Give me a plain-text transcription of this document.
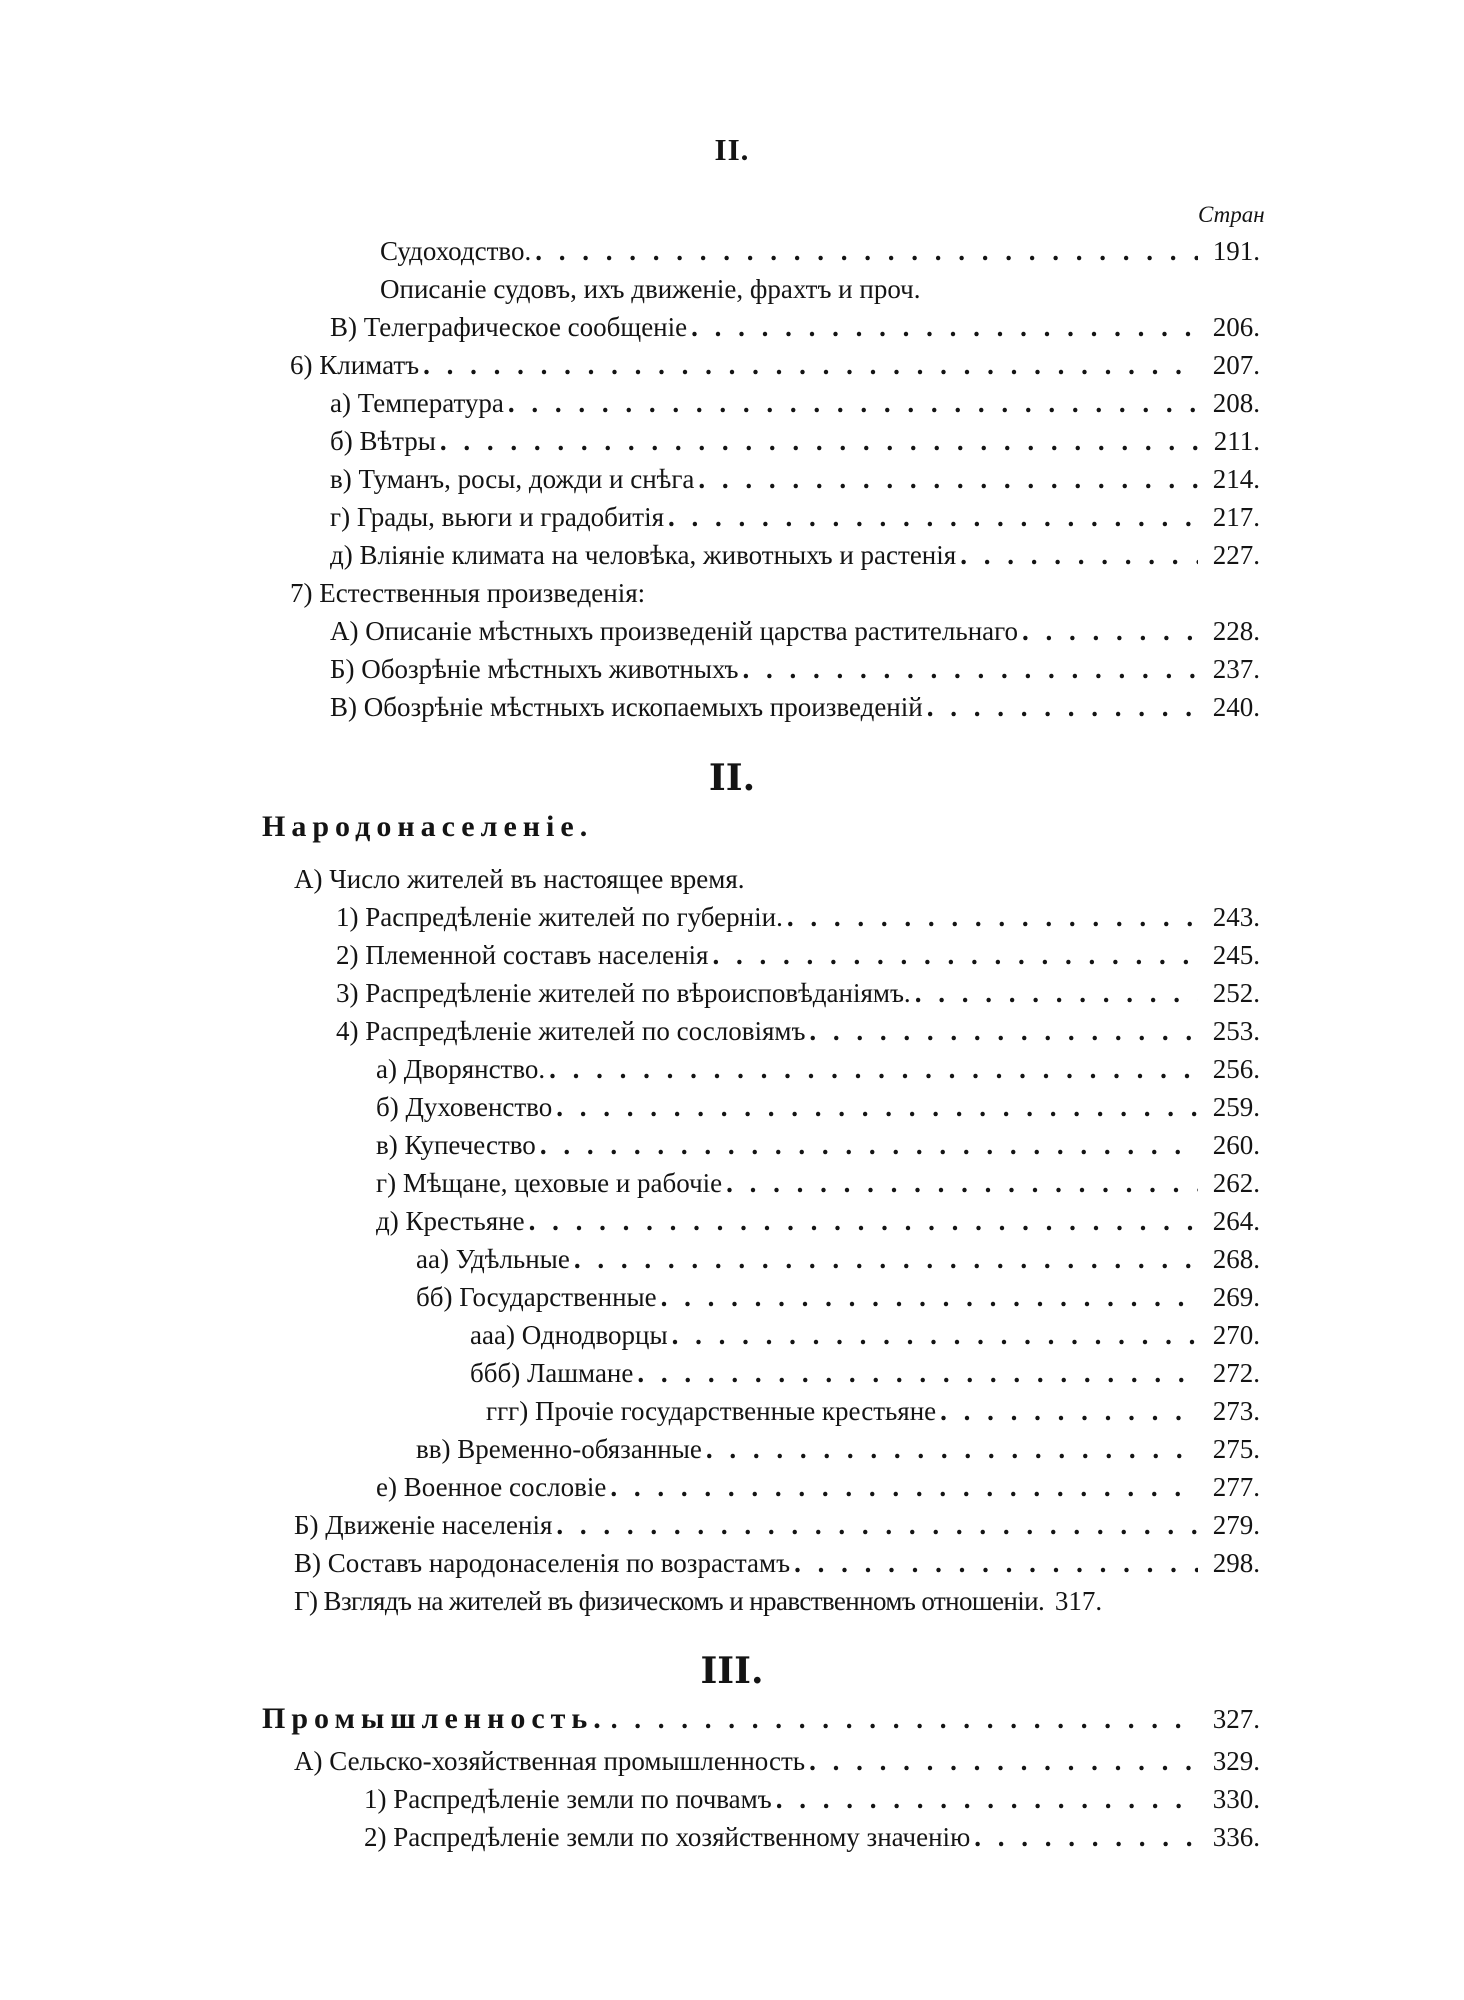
II.
Стран
Судоходство. . . .	191.
Описаніе судовъ, ихъ движеніе, фрахтъ и проч.
В) Телеграфическое сообщеніе . . .	206.
6) Климатъ . . .	207.
а) Температура . . .	208.
б) Вѣтры . . .	211.
в) Туманъ, росы, дожди и снѣга . . .	214.
г) Грады, вьюги и градобитія . . .	217.
д) Вліяніе климата на человѣка, животныхъ и растенія . . .	227.
7) Естественныя произведенія:
А) Описаніе мѣстныхъ произведеній царства растительнаго . . .	228.
Б) Обозрѣніе мѣстныхъ животныхъ . . .	237.
В) Обозрѣніе мѣстныхъ ископаемыхъ произведеній . . .	240.
II.
Народонаселеніе.
А) Число жителей въ настоящее время.
1) Распредѣленіе жителей по губерніи. . . .	243.
2) Племенной составъ населенія . . .	245.
3) Распредѣленіе жителей по вѣроисповѣданіямъ. . . .	252.
4) Распредѣленіе жителей по сословіямъ . . .	253.
а) Дворянство. . . .	256.
б) Духовенство . . .	259.
в) Купечество . . .	260.
г) Мѣщане, цеховые и рабочіе . . .	262.
д) Крестьяне . . .	264.
аа) Удѣльные . . .	268.
бб) Государственные . . .	269.
ааа) Однодворцы . . .	270.
ббб) Лашмане . . .	272.
ггг) Прочіе государственные крестьяне . . .	273.
вв) Временно-обязанные . . .	275.
е) Военное сословіе . . .	277.
Б) Движеніе населенія . . .	279.
В) Составъ народонаселенія по возрастамъ . . .	298.
Г) Взглядъ на жителей въ физическомъ и нравственномъ отношеніи. 317.
III.
Промышленность. . . .	327.
А) Сельско-хозяйственная промышленность . . .	329.
1) Распредѣленіе земли по почвамъ . . .	330.
2) Распредѣленіе земли по хозяйственному значенію . . .	336.
